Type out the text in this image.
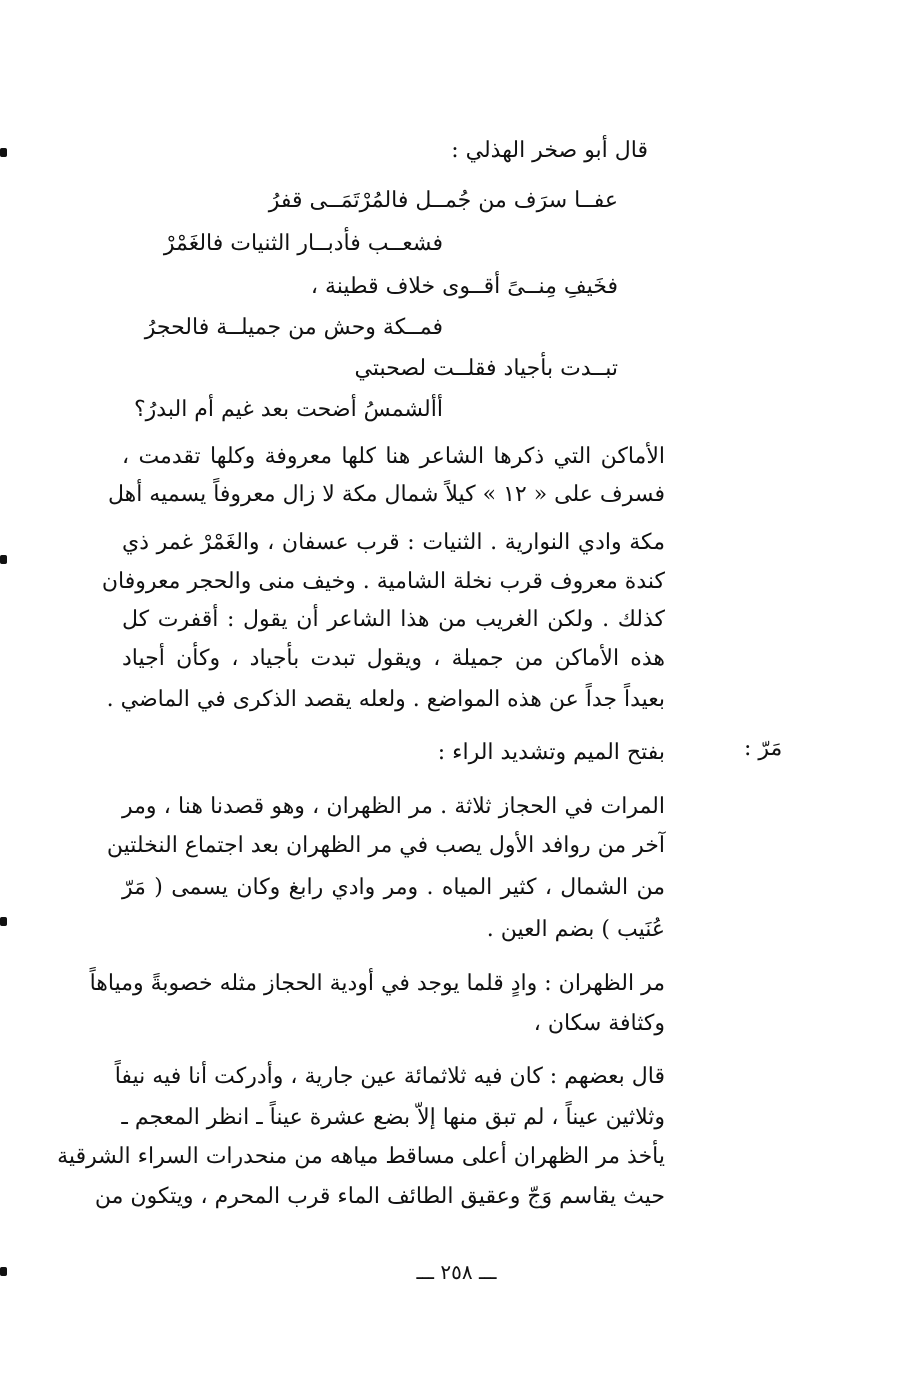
قال أبو صخر الهذلي :
عفــا سرَف من جُمــل فالمُرْتَمَــى قفرُ
فشعــب فأدبــار الثنيات فالغَمْرْ
فخَيفِ مِنــىً أقــوى خلاف قطينة ،
فمــكة وحش من جميلــة فالحجرُ
تبــدت بأجياد فقلــت لصحبتي
أألشمسُ أضحت بعد غيم أم البدرُ؟
الأماكن التي ذكرها الشاعر هنا كلها معروفة وكلها تقدمت ،
فسرف على « ١٢ » كيلاً شمال مكة لا زال معروفاً يسميه أهل
مكة وادي النوارية . الثنيات : قرب عسفان ، والغَمْرْ غمر ذي
كندة معروف قرب نخلة الشامية . وخيف منى والحجر معروفان
كذلك . ولكن الغريب من هذا الشاعر أن يقول : أقفرت كل
هذه الأماكن من جميلة ، ويقول تبدت بأجياد ، وكأن أجياد
بعيداً جداً عن هذه المواضع . ولعله يقصد الذكرى في الماضي .
مَرّ :
بفتح الميم وتشديد الراء :
المرات في الحجاز ثلاثة . مر الظهران ، وهو قصدنا هنا ، ومر
آخر من روافد الأول يصب في مر الظهران بعد اجتماع النخلتين
من الشمال ، كثير المياه . ومر وادي رابغ وكان يسمى ( مَرّ
عُنَيب ) بضم العين .
مر الظهران : وادٍ قلما يوجد في أودية الحجاز مثله خصوبةً ومياهاً
وكثافة سكان ،
قال بعضهم : كان فيه ثلاثمائة عين جارية ، وأدركت أنا فيه نيفاً
وثلاثين عيناً ، لم تبق منها إلاّ بضع عشرة عيناً ـ انظر المعجم ـ
يأخذ مر الظهران أعلى مساقط مياهه من منحدرات السراء الشرقية
حيث يقاسم وَجّ وعقيق الطائف الماء قرب المحرم ، ويتكون من
ـــ ٢٥٨ ـــ
